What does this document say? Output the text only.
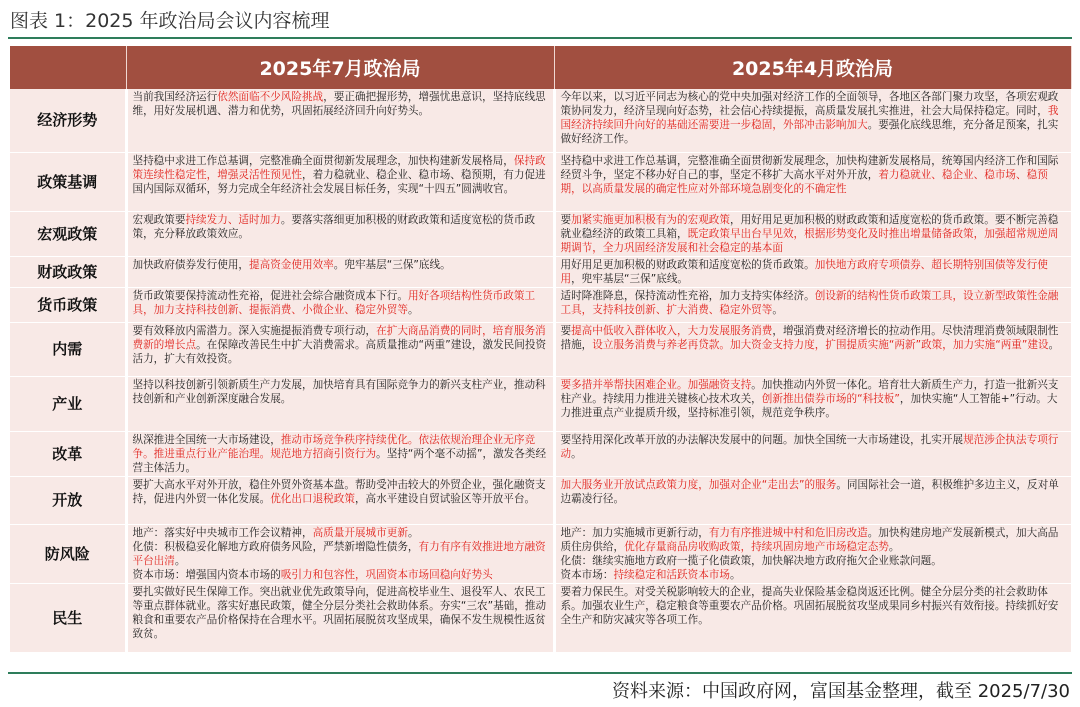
图表 1：2025 年政治局会议内容梳理
	2025年7月政治局	2025年4月政治局
经济形势	当前我国经济运行依然面临不少风险挑战，要正确把握形势，增强忧患意识，坚持底线思维，用好发展机遇、潜力和优势，巩固拓展经济回升向好势头。	今年以来，以习近平同志为核心的党中央加强对经济工作的全面领导，各地区各部门聚力攻坚，各项宏观政策协同发力，经济呈现向好态势，社会信心持续提振，高质量发展扎实推进，社会大局保持稳定。同时，我国经济持续回升向好的基础还需要进一步稳固，外部冲击影响加大。要强化底线思维，充分备足预案，扎实做好经济工作。
政策基调	坚持稳中求进工作总基调，完整准确全面贯彻新发展理念，加快构建新发展格局，保持政策连续性稳定性，增强灵活性预见性，着力稳就业、稳企业、稳市场、稳预期，有力促进国内国际双循环，努力完成全年经济社会发展目标任务，实现“十四五”圆满收官。	坚持稳中求进工作总基调，完整准确全面贯彻新发展理念，加快构建新发展格局，统筹国内经济工作和国际经贸斗争，坚定不移办好自己的事，坚定不移扩大高水平对外开放，着力稳就业、稳企业、稳市场、稳预期，以高质量发展的确定性应对外部环境急剧变化的不确定性
宏观政策	宏观政策要持续发力、适时加力。要落实落细更加积极的财政政策和适度宽松的货币政策，充分释放政策效应。	要加紧实施更加积极有为的宏观政策，用好用足更加积极的财政政策和适度宽松的货币政策。要不断完善稳就业稳经济的政策工具箱，既定政策早出台早见效，根据形势变化及时推出增量储备政策，加强超常规逆周期调节，全力巩固经济发展和社会稳定的基本面
财政政策	加快政府债券发行使用，提高资金使用效率。兜牢基层“三保”底线。	用好用足更加积极的财政政策和适度宽松的货币政策。加快地方政府专项债券、超长期特别国债等发行使用，兜牢基层“三保”底线。
货币政策	货币政策要保持流动性充裕，促进社会综合融资成本下行。用好各项结构性货币政策工具，加力支持科技创新、提振消费、小微企业、稳定外贸等。	适时降准降息，保持流动性充裕，加力支持实体经济。创设新的结构性货币政策工具，设立新型政策性金融工具，支持科技创新、扩大消费、稳定外贸等。
内需	要有效释放内需潜力。深入实施提振消费专项行动，在扩大商品消费的同时，培育服务消费新的增长点。在保障改善民生中扩大消费需求。高质量推动“两重”建设，激发民间投资活力，扩大有效投资。	要提高中低收入群体收入，大力发展服务消费，增强消费对经济增长的拉动作用。尽快清理消费领域限制性措施，设立服务消费与养老再贷款。加大资金支持力度，扩围提质实施“两新”政策，加力实施“两重”建设。
产业	坚持以科技创新引领新质生产力发展，加快培育具有国际竞争力的新兴支柱产业，推动科技创新和产业创新深度融合发展。	要多措并举帮扶困难企业。加强融资支持。加快推动内外贸一体化。培育壮大新质生产力，打造一批新兴支柱产业。持续用力推进关键核心技术攻关，创新推出债券市场的“科技板”，加快实施“人工智能+”行动。大力推进重点产业提质升级，坚持标准引领，规范竞争秩序。
改革	纵深推进全国统一大市场建设，推动市场竞争秩序持续优化。依法依规治理企业无序竞争。推进重点行业产能治理。规范地方招商引资行为。坚持“两个毫不动摇”，激发各类经营主体活力。	要坚持用深化改革开放的办法解决发展中的问题。加快全国统一大市场建设，扎实开展规范涉企执法专项行动。
开放	要扩大高水平对外开放，稳住外贸外资基本盘。帮助受冲击较大的外贸企业，强化融资支持，促进内外贸一体化发展。优化出口退税政策，高水平建设自贸试验区等开放平台。	加大服务业开放试点政策力度，加强对企业“走出去”的服务。同国际社会一道，积极维护多边主义，反对单边霸凌行径。
防风险	地产：落实好中央城市工作会议精神，高质量开展城市更新。
化债：积极稳妥化解地方政府债务风险，严禁新增隐性债务，有力有序有效推进地方融资平台出清。
资本市场：增强国内资本市场的吸引力和包容性，巩固资本市场回稳向好势头	地产：加力实施城市更新行动，有力有序推进城中村和危旧房改造。加快构建房地产发展新模式，加大高品质住房供给，优化存量商品房收购政策，持续巩固房地产市场稳定态势。
化债：继续实施地方政府一揽子化债政策，加快解决地方政府拖欠企业账款问题。
资本市场：持续稳定和活跃资本市场。
民生	要扎实做好民生保障工作。突出就业优先政策导向，促进高校毕业生、退役军人、农民工等重点群体就业。落实好惠民政策，健全分层分类社会救助体系。夯实“三农”基础，推动粮食和重要农产品价格保持在合理水平。巩固拓展脱贫攻坚成果，确保不发生规模性返贫致贫。	要着力保民生。对受关税影响较大的企业，提高失业保险基金稳岗返还比例。健全分层分类的社会救助体系。加强农业生产，稳定粮食等重要农产品价格。巩固拓展脱贫攻坚成果同乡村振兴有效衔接。持续抓好安全生产和防灾减灾等各项工作。
资料来源：中国政府网，富国基金整理，截至 2025/7/30
